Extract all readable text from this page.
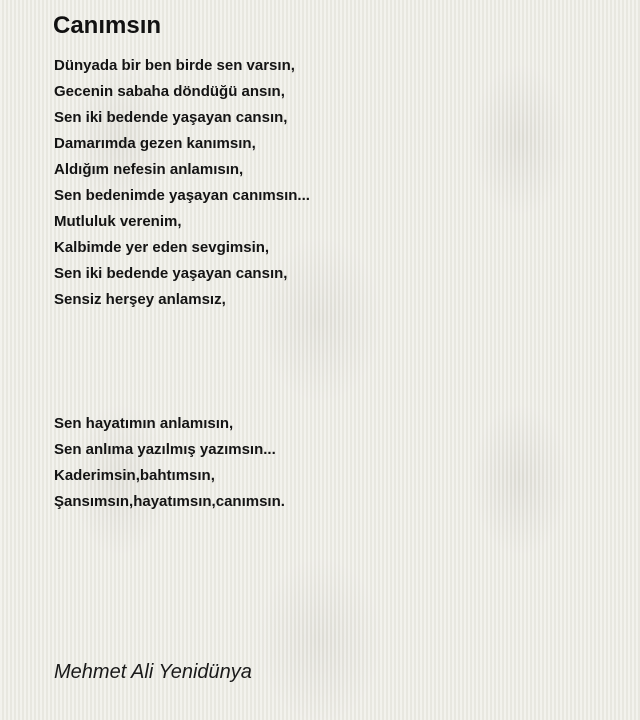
Canımsın
Dünyada bir ben birde sen varsın,
Gecenin sabaha döndüğü ansın,
Sen iki bedende yaşayan cansın,
Damarımda gezen kanımsın,
Aldığım nefesin anlamısın,
Sen bedenimde yaşayan canımsın...
Mutluluk verenim,
Kalbimde yer eden sevgimsin,
Sen iki bedende yaşayan cansın,
Sensiz herşey anlamsız,
Sen hayatımın anlamısın,
Sen anlıma yazılmış yazımsın...
Kaderimsin,bahtımsın,
Şansımsın,hayatımsın,canımsın.
Mehmet Ali Yenidünya
